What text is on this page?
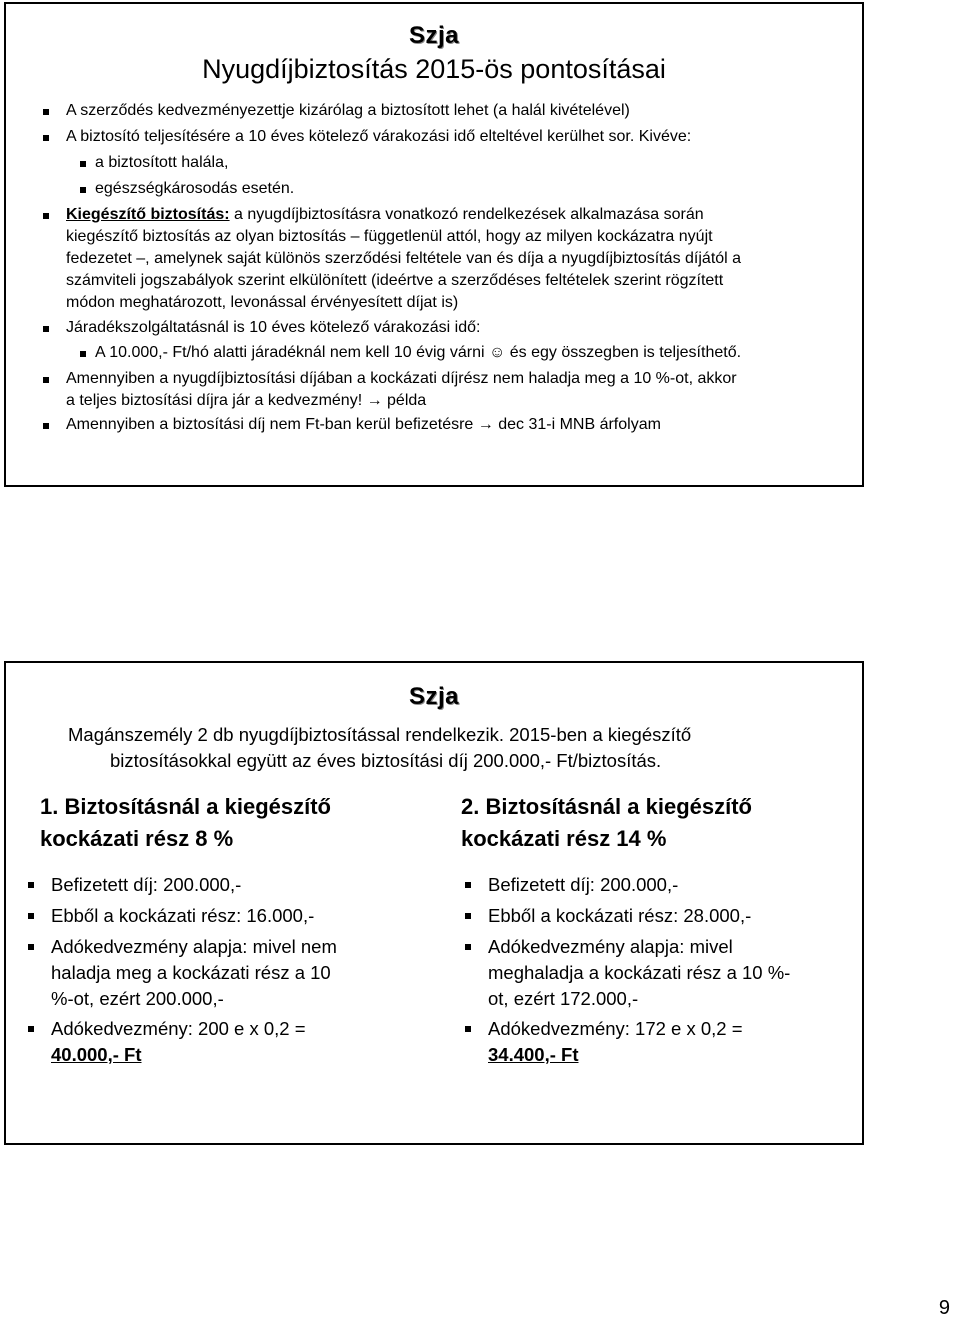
Szja
Nyugdíjbiztosítás 2015-ös pontosításai
A szerződés kedvezményezettje kizárólag a biztosított lehet (a halál kivételével)
A biztosító teljesítésére a 10 éves kötelező várakozási idő elteltével kerülhet sor. Kivéve:
a biztosított halála,
egészségkárosodás esetén.
Kiegészítő biztosítás: a nyugdíjbiztosításra vonatkozó rendelkezések alkalmazása során
kiegészítő biztosítás az olyan biztosítás – függetlenül attól, hogy az milyen kockázatra nyújt
fedezetet –, amelynek saját különös szerződési feltétele van és díja a nyugdíjbiztosítás díjától a
számviteli jogszabályok szerint elkülönített (ideértve a szerződéses feltételek szerint rögzített
módon meghatározott, levonással érvényesített díjat is)
Járadékszolgáltatásnál is 10 éves kötelező várakozási idő:
A 10.000,- Ft/hó alatti járadéknál nem kell 10 évig várni ☺ és egy összegben is teljesíthető.
Amennyiben a nyugdíjbiztosítási díjában a kockázati díjrész nem haladja meg a 10 %-ot, akkor
a teljes biztosítási díjra jár a kedvezmény! → példa
Amennyiben a biztosítási díj nem Ft-ban kerül befizetésre → dec 31-i MNB árfolyam
Szja
Magánszemély 2 db nyugdíjbiztosítással rendelkezik. 2015-ben a kiegészítő
biztosításokkal együtt az éves biztosítási díj 200.000,- Ft/biztosítás.
1. Biztosításnál a kiegészítő
kockázati rész 8 %
Befizetett díj: 200.000,-
Ebből a kockázati rész: 16.000,-
Adókedvezmény alapja: mivel nem
haladja meg a kockázati rész a 10
%-ot, ezért 200.000,-
Adókedvezmény: 200 e x 0,2 =
40.000,- Ft
2. Biztosításnál a kiegészítő
kockázati rész 14 %
Befizetett díj: 200.000,-
Ebből a kockázati rész: 28.000,-
Adókedvezmény alapja: mivel
meghaladja a kockázati rész a 10 %-
ot, ezért 172.000,-
Adókedvezmény: 172 e x 0,2 =
34.400,- Ft
9
